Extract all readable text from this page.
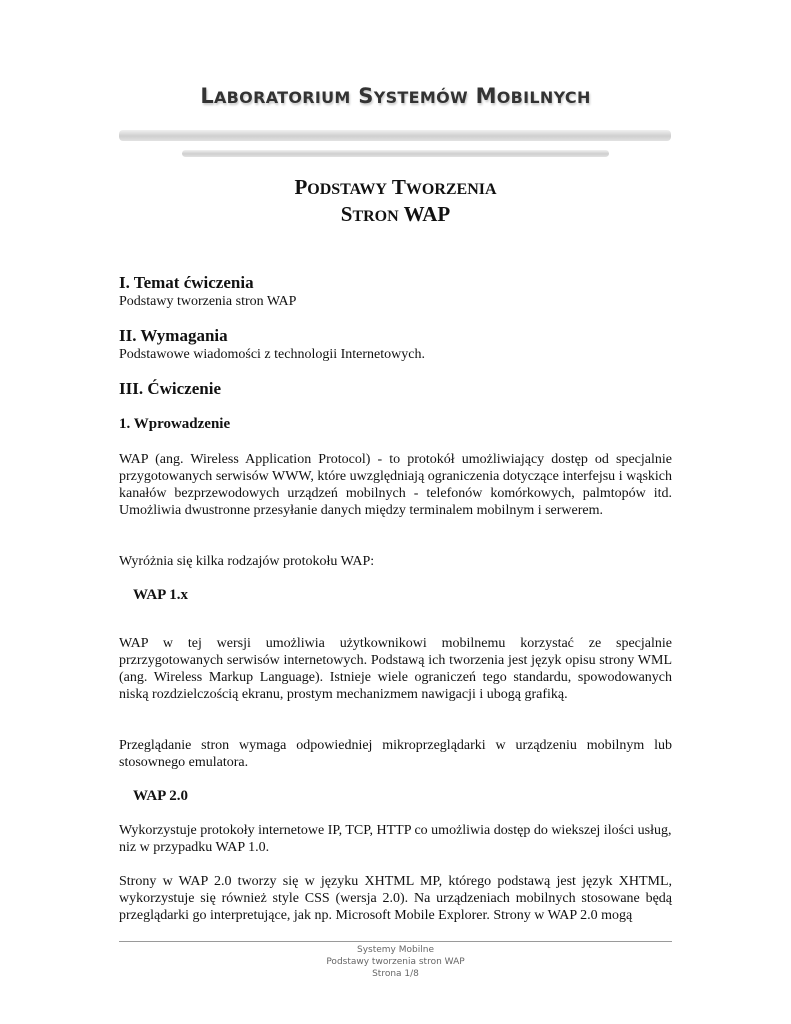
LABORATORIUM SYSTEMÓW MOBILNYCH
PODSTAWY TWORZENIA
STRON WAP
I. Temat ćwiczenia
Podstawy tworzenia stron WAP
II. Wymagania
Podstawowe wiadomości z technologii Internetowych.
III. Ćwiczenie
1. Wprowadzenie
WAP (ang. Wireless Application Protocol) - to protokół umożliwiający dostęp od specjalnie przygotowanych serwisów WWW, które uwzględniają ograniczenia dotyczące interfejsu i wąskich kanałów bezprzewodowych urządzeń mobilnych - telefonów komórkowych, palmtopów itd. Umożliwia dwustronne przesyłanie danych między terminalem mobilnym i serwerem.
Wyróżnia się kilka rodzajów protokołu WAP:
WAP 1.x
WAP w tej wersji umożliwia użytkownikowi mobilnemu korzystać ze specjalnie przrzygotowanych serwisów internetowych. Podstawą ich tworzenia jest język opisu strony WML (ang. Wireless Markup Language). Istnieje wiele ograniczeń tego standardu, spowodowanych niską rozdzielczością ekranu, prostym mechanizmem nawigacji i ubogą grafiką.
Przeglądanie stron wymaga odpowiedniej mikroprzeglądarki w urządzeniu mobilnym lub stosownego emulatora.
WAP 2.0
Wykorzystuje protokoły internetowe IP, TCP, HTTP co umożliwia dostęp do wiekszej ilości usług, niz w przypadku WAP 1.0.
Strony w WAP 2.0 tworzy się w języku XHTML MP, którego podstawą jest język XHTML, wykorzystuje się również style CSS (wersja 2.0). Na urządzeniach mobilnych stosowane będą przeglądarki go interpretujące, jak np. Microsoft Mobile Explorer. Strony w WAP 2.0 mogą
Systemy Mobilne
Podstawy tworzenia stron WAP
Strona 1/8
